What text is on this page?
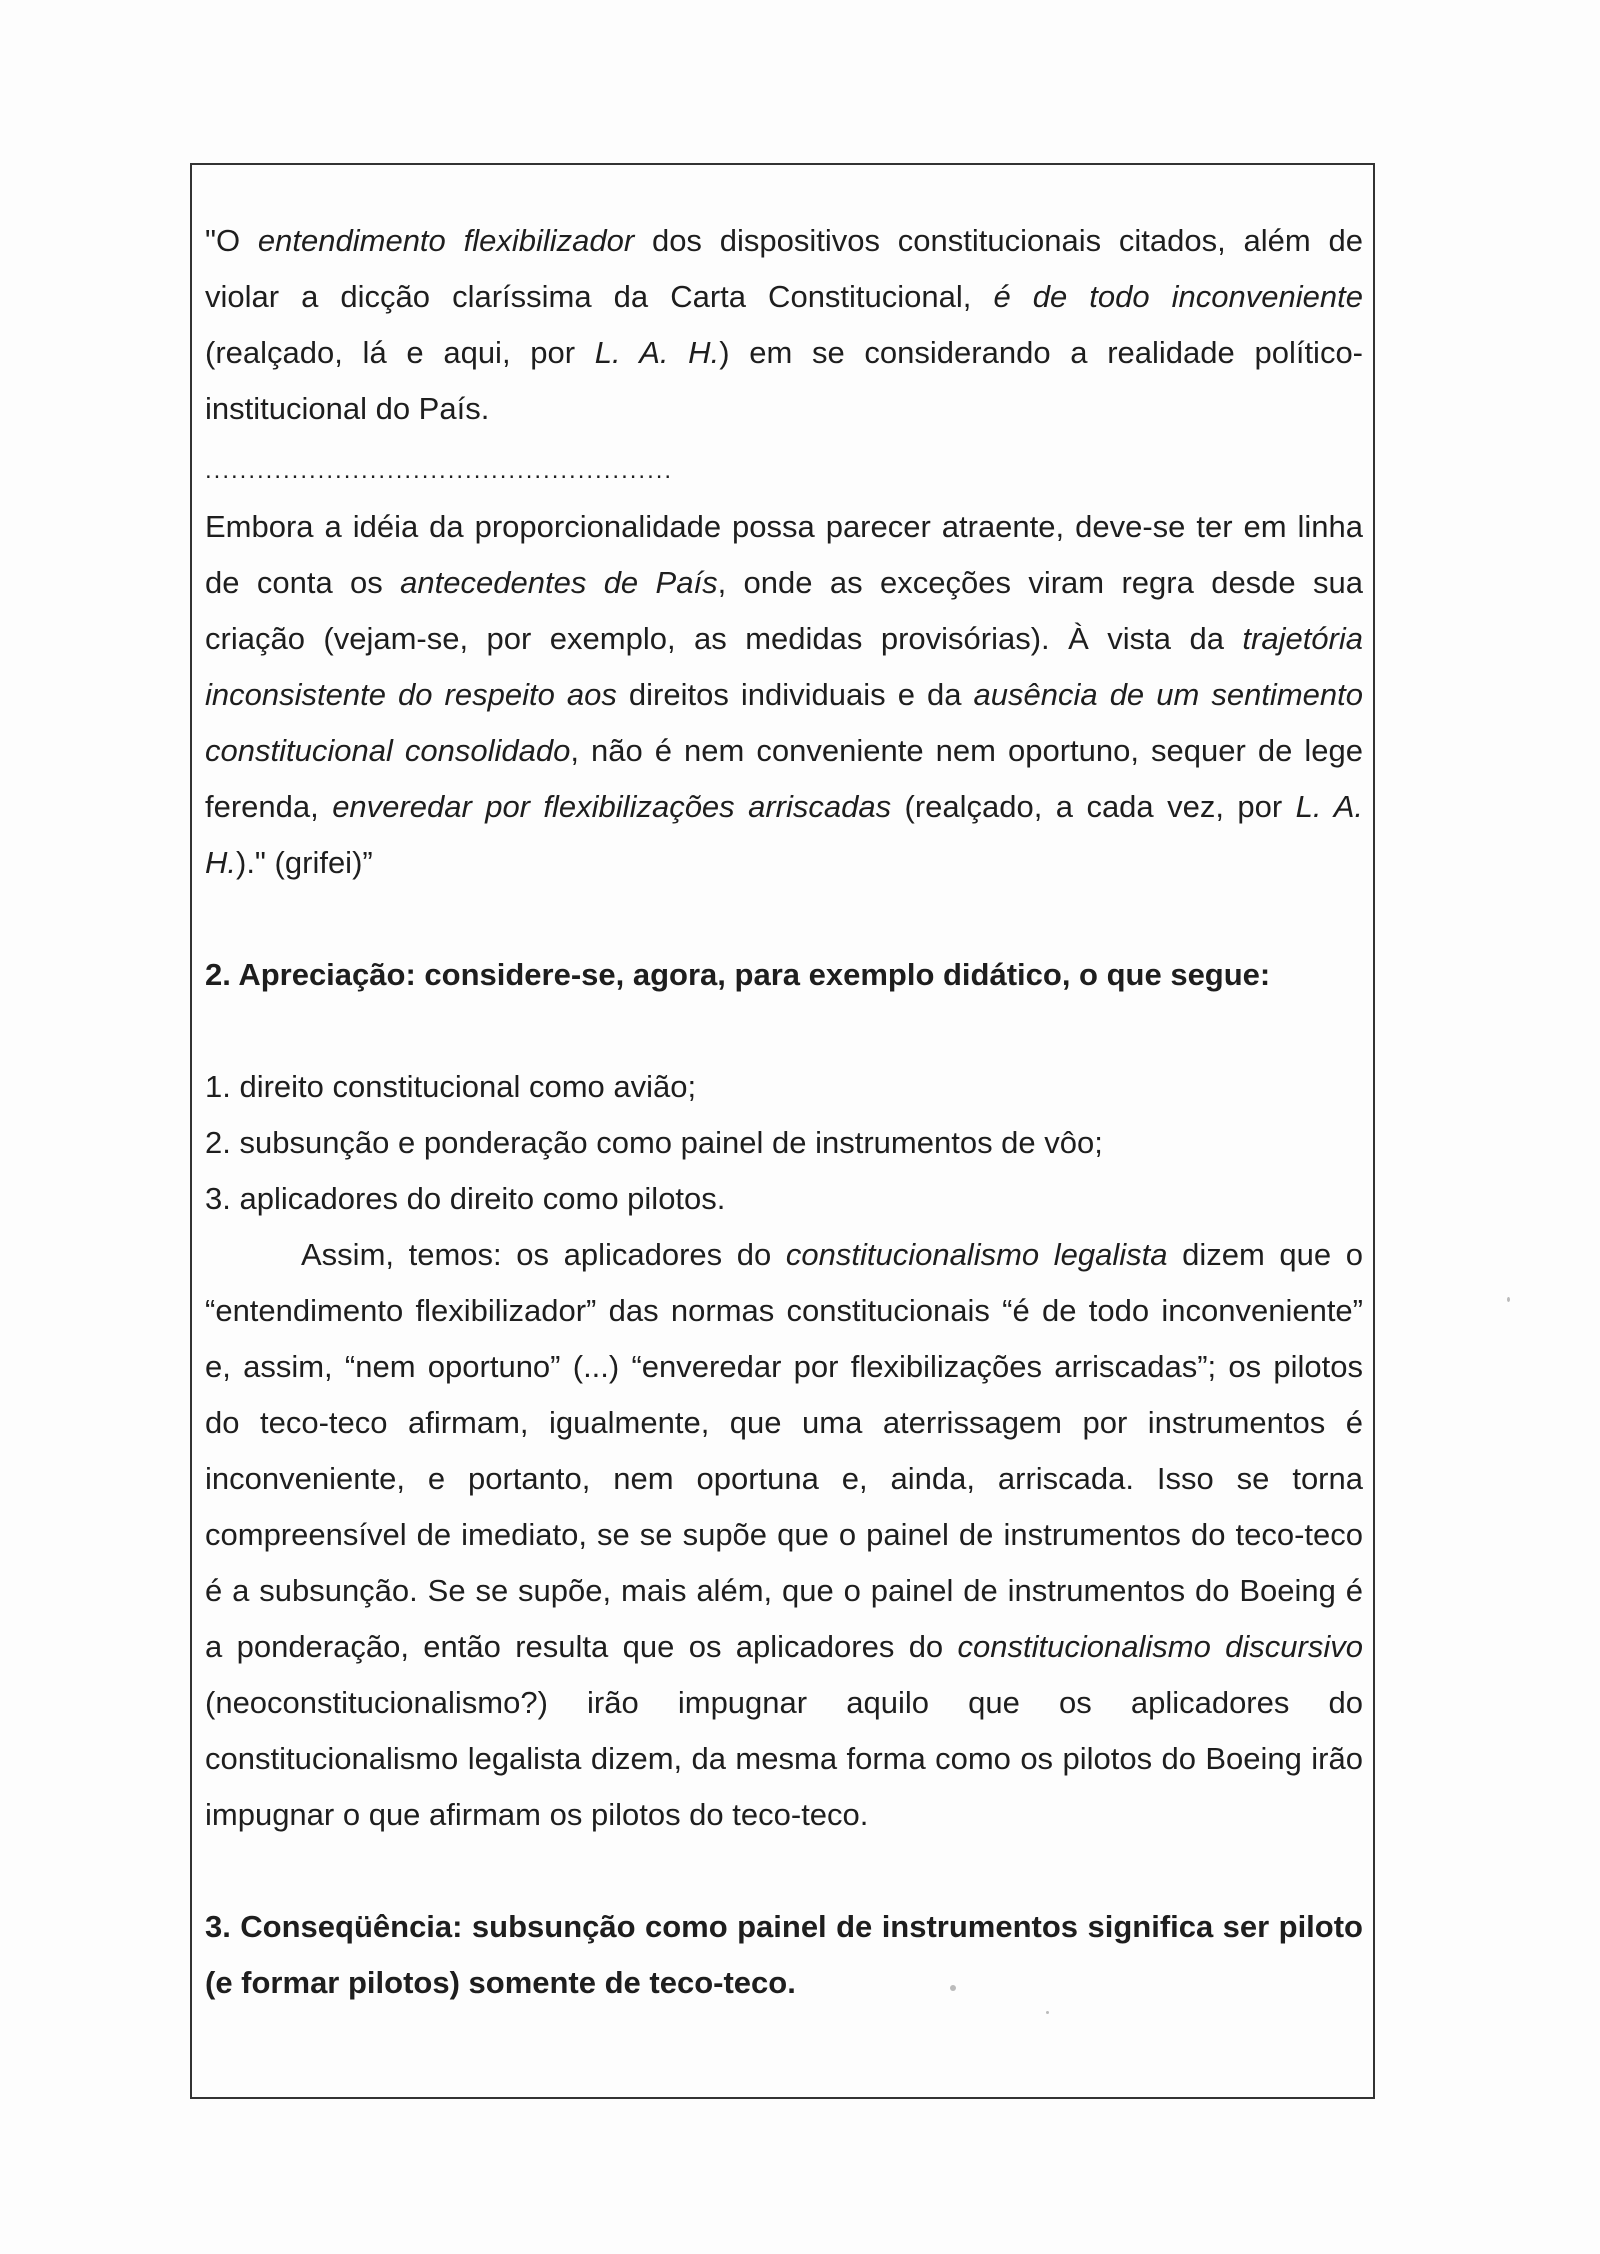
"O entendimento flexibilizador dos dispositivos constitucionais citados, além de violar a dicção claríssima da Carta Constitucional, é de todo inconveniente (realçado, lá e aqui, por L. A. H.) em se considerando a realidade político-institucional do País.

......................................................

Embora a idéia da proporcionalidade possa parecer atraente, deve-se ter em linha de conta os antecedentes de País, onde as exceções viram regra desde sua criação (vejam-se, por exemplo, as medidas provisórias). À vista da trajetória inconsistente do respeito aos direitos individuais e da ausência de um sentimento constitucional consolidado, não é nem conveniente nem oportuno, sequer de lege ferenda, enveredar por flexibilizações arriscadas (realçado, a cada vez, por L. A. H.)." (grifei)”

2. Apreciação: considere-se, agora, para exemplo didático, o que segue:

1. direito constitucional como avião;

2. subsunção e ponderação como painel de instrumentos de vôo;

3. aplicadores do direito como pilotos.

Assim, temos: os aplicadores do constitucionalismo legalista dizem que o “entendimento flexibilizador” das normas constitucionais “é de todo inconveniente” e, assim, “nem oportuno” (...) “enveredar por flexibilizações arriscadas”; os pilotos do teco-teco afirmam, igualmente, que uma aterrissagem por instrumentos é inconveniente, e portanto, nem oportuna e, ainda, arriscada. Isso se torna compreensível de imediato, se se supõe que o painel de instrumentos do teco-teco é a subsunção. Se se supõe, mais além, que o painel de instrumentos do Boeing é a ponderação, então resulta que os aplicadores do constitucionalismo discursivo (neoconstitucionalismo?) irão impugnar aquilo que os aplicadores do constitucionalismo legalista dizem, da mesma forma como os pilotos do Boeing irão impugnar o que afirmam os pilotos do teco-teco.

3. Conseqüência: subsunção como painel de instrumentos significa ser piloto (e formar pilotos) somente de teco-teco.
